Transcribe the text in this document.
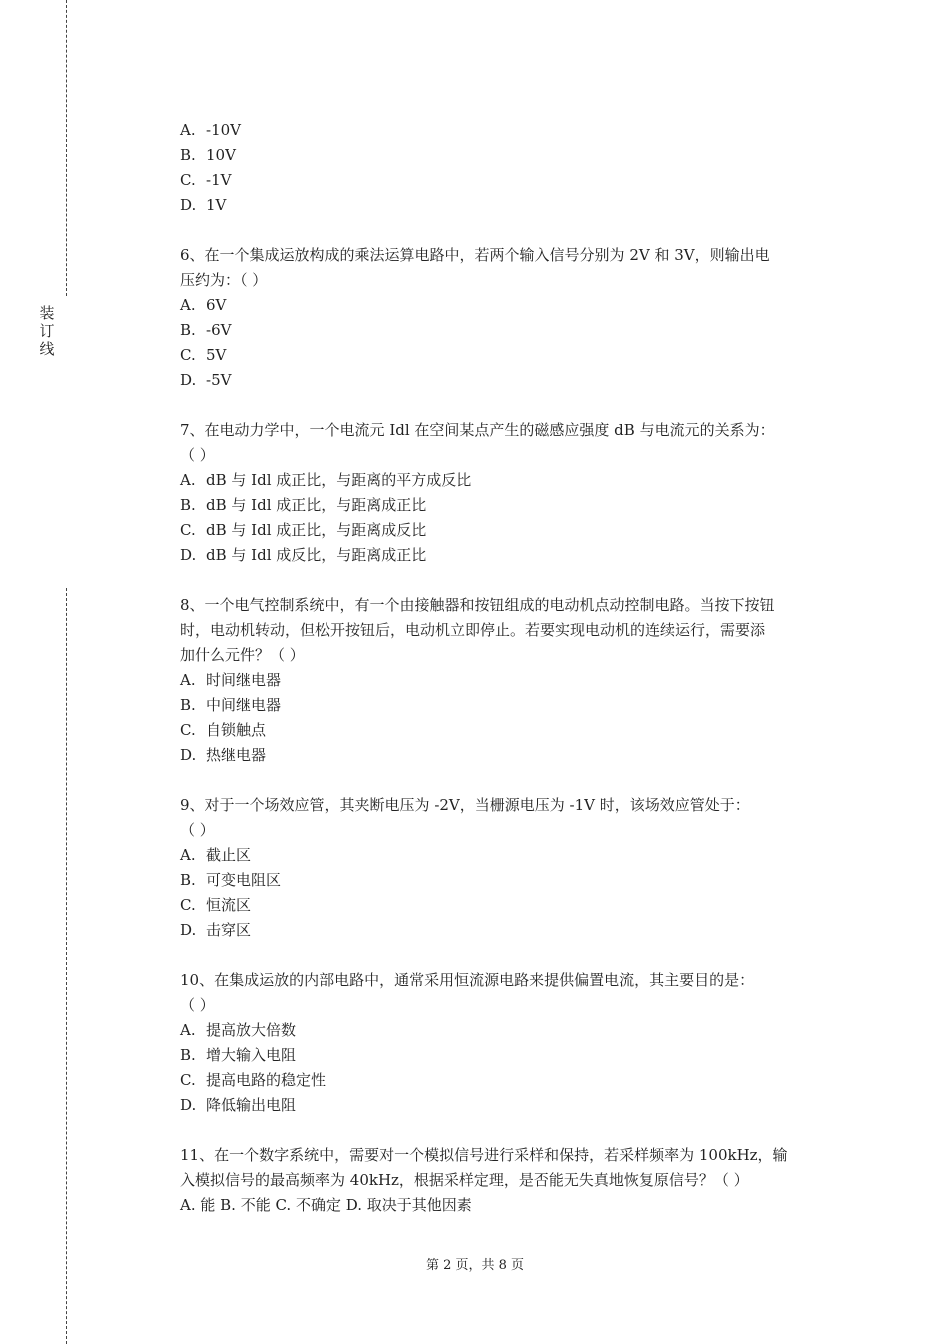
装
订
线
A. -10V
B. 10V
C. -1V
D. 1V
6、在一个集成运放构成的乘法运算电路中，若两个输入信号分别为 2V 和 3V，则输出电
压约为：（ ）
A. 6V
B. -6V
C. 5V
D. -5V
7、在电动力学中，一个电流元 Idl 在空间某点产生的磁感应强度 dB 与电流元的关系为：
（ ）
A. dB 与 Idl 成正比，与距离的平方成反比
B. dB 与 Idl 成正比，与距离成正比
C. dB 与 Idl 成正比，与距离成反比
D. dB 与 Idl 成反比，与距离成正比
8、一个电气控制系统中，有一个由接触器和按钮组成的电动机点动控制电路。当按下按钮
时，电动机转动，但松开按钮后，电动机立即停止。若要实现电动机的连续运行，需要添
加什么元件？（ ）
A. 时间继电器
B. 中间继电器
C. 自锁触点
D. 热继电器
9、对于一个场效应管，其夹断电压为 -2V，当栅源电压为 -1V 时，该场效应管处于：
（ ）
A. 截止区
B. 可变电阻区
C. 恒流区
D. 击穿区
10、在集成运放的内部电路中，通常采用恒流源电路来提供偏置电流，其主要目的是：
（ ）
A. 提高放大倍数
B. 增大输入电阻
C. 提高电路的稳定性
D. 降低输出电阻
11、在一个数字系统中，需要对一个模拟信号进行采样和保持，若采样频率为 100kHz，输
入模拟信号的最高频率为 40kHz，根据采样定理，是否能无失真地恢复原信号？（ ）
A. 能 B. 不能 C. 不确定 D. 取决于其他因素
第 2 页，共 8 页
